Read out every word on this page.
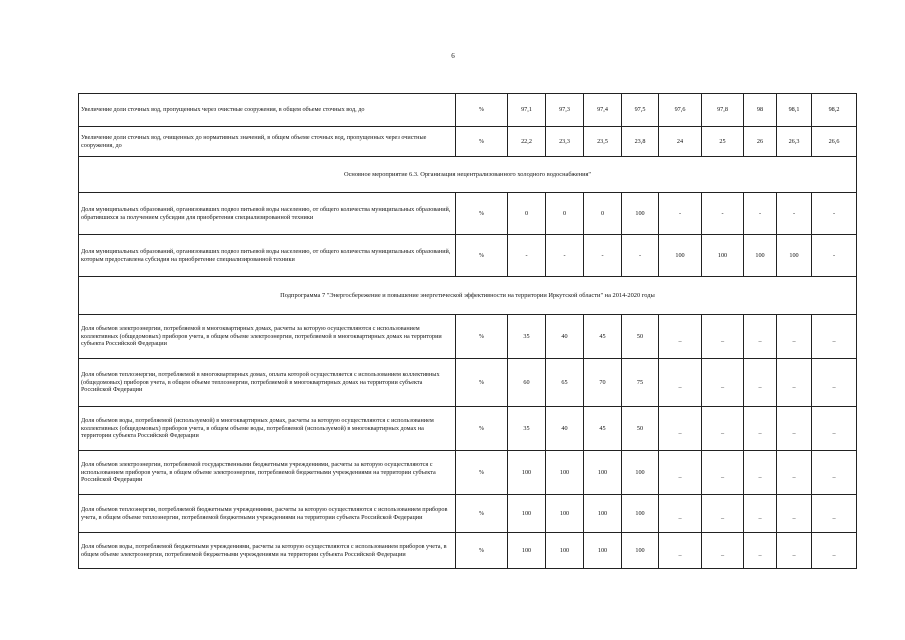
6
Увеличение доли сточных вод, пропущенных через очистные сооружения, в общем объеме сточных вод, до	%	97,1	97,3	97,4	97,5	97,6	97,8	98	98,1	98,2
Увеличение доли сточных вод, очищенных до нормативных значений, в общем объеме сточных вод, пропущенных через очистные сооружения, до	%	22,2	23,3	23,5	23,8	24	25	26	26,3	26,6
Основное мероприятие 6.3. Организация нецентрализованного холодного водоснабжения"										
Доля муниципальных образований, организовавших подвоз питьевой воды населению, от общего количества муниципальных образований, обратившихся за получением субсидии для приобретения специализированной техники	%	0	0	0	100	-	-	-	-	-
Доля муниципальных образований, организовавших подвоз питьевой воды населению, от общего количества муниципальных образований, которым предоставлена субсидия на приобретение специализированной техники	%	-	-	-	-	100	100	100	100	-
Подпрограмма 7 "Энергосбережение и повышение энергетической эффективности на территории Иркутской области" на 2014-2020 годы										
Доля объемов электроэнергии, потребляемой в многоквартирных домах, расчеты за которую осуществляются с использованием коллективных (общедомовых) приборов учета, в общем объеме электроэнергии, потребляемой в многоквартирных домах на территории субъекта Российской Федерации	%	35	40	45	50	_	_	_	_	_
Доля объемов теплоэнергии, потребляемой в многоквартирных домах, оплата которой осуществляется с использованием коллективных (общедомовых) приборов учета, в общем объеме теплоэнергии, потребляемой в многоквартирных домах на территории субъекта Российской Федерации	%	60	65	70	75	_	_	_	_	_
Доля объемов воды, потребляемой (используемой) в многоквартирных домах, расчеты за которую осуществляются с использованием коллективных (общедомовых) приборов учета, в общем объеме воды, потребляемой (используемой) в многоквартирных домах на территории субъекта Российской Федерации	%	35	40	45	50	_	_	_	_	_
Доля объемов электроэнергии, потребляемой государственными бюджетными учреждениями, расчеты за которую осуществляются с использованием приборов учета, в общем объеме электроэнергии, потребляемой бюджетными учреждениями на территории субъекта Российской Федерации	%	100	100	100	100	_	_	_	_	_
Доля объемов теплоэнергии, потребляемой бюджетными учреждениями, расчеты за которую осуществляются с использованием приборов учета, в общем объеме теплоэнергии, потребляемой бюджетными учреждениями на территории субъекта Российской Федерации	%	100	100	100	100	_	_	_	_	_
Доля объемов воды, потребляемой бюджетными учреждениями, расчеты за которую осуществляются с использованием приборов учета, в общем объеме электроэнергии, потребляемой бюджетными учреждениями на территории субъекта Российской Федерации	%	100	100	100	100	_	_	_	_	_
